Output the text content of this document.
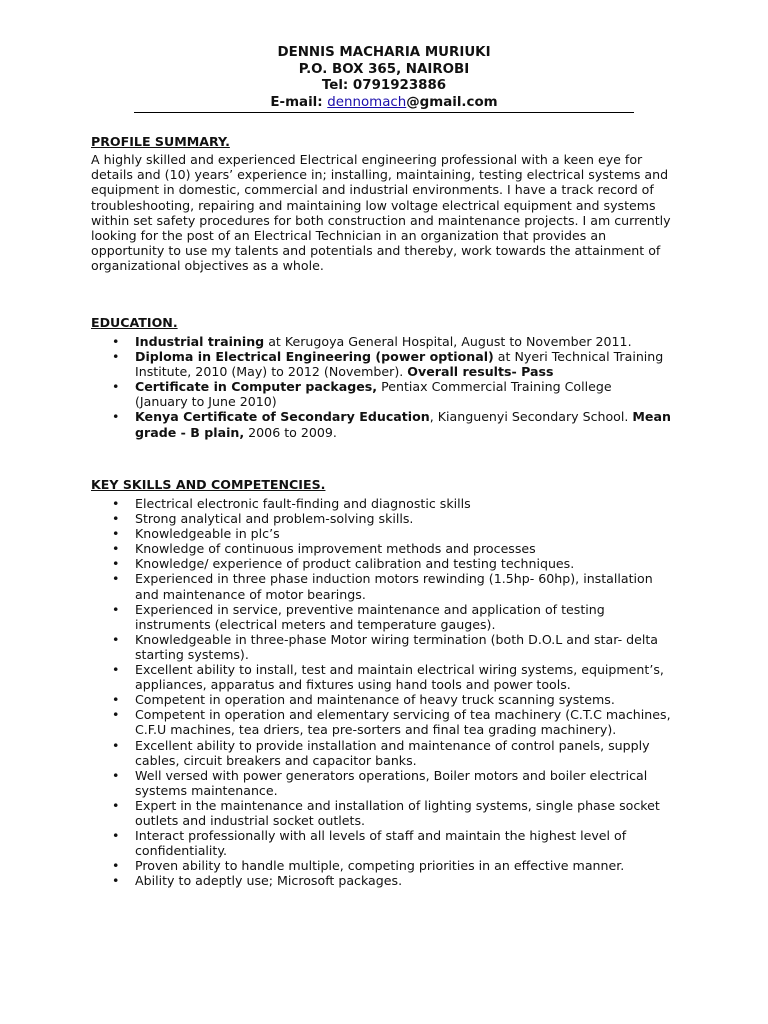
DENNIS MACHARIA MURIUKI
P.O. BOX 365, NAIROBI
Tel: 0791923886
E-mail: dennomach@gmail.com
PROFILE SUMMARY.
A highly skilled and experienced Electrical engineering professional with a keen eye for
details and (10) years’ experience in; installing, maintaining, testing electrical systems and
equipment in domestic, commercial and industrial environments. I have a track record of
troubleshooting, repairing and maintaining low voltage electrical equipment and systems
within set safety procedures for both construction and maintenance projects. I am currently
looking for the post of an Electrical Technician in an organization that provides an
opportunity to use my talents and potentials and thereby, work towards the attainment of
organizational objectives as a whole.
EDUCATION.
• Industrial training at Kerugoya General Hospital, August to November 2011.
• Diploma in Electrical Engineering (power optional) at Nyeri Technical Training
Institute, 2010 (May) to 2012 (November). Overall results- Pass
• Certificate in Computer packages, Pentiax Commercial Training College
(January to June 2010)
• Kenya Certificate of Secondary Education, Kianguenyi Secondary School. Mean
grade - B plain, 2006 to 2009.
KEY SKILLS AND COMPETENCIES.
• Electrical electronic fault-finding and diagnostic skills
• Strong analytical and problem-solving skills.
• Knowledgeable in plc’s
• Knowledge of continuous improvement methods and processes
• Knowledge/ experience of product calibration and testing techniques.
• Experienced in three phase induction motors rewinding (1.5hp- 60hp), installation
and maintenance of motor bearings.
• Experienced in service, preventive maintenance and application of testing
instruments (electrical meters and temperature gauges).
• Knowledgeable in three-phase Motor wiring termination (both D.O.L and star- delta
starting systems).
• Excellent ability to install, test and maintain electrical wiring systems, equipment’s,
appliances, apparatus and fixtures using hand tools and power tools.
• Competent in operation and maintenance of heavy truck scanning systems.
• Competent in operation and elementary servicing of tea machinery (C.T.C machines,
C.F.U machines, tea driers, tea pre-sorters and final tea grading machinery).
• Excellent ability to provide installation and maintenance of control panels, supply
cables, circuit breakers and capacitor banks.
• Well versed with power generators operations, Boiler motors and boiler electrical
systems maintenance.
• Expert in the maintenance and installation of lighting systems, single phase socket
outlets and industrial socket outlets.
• Interact professionally with all levels of staff and maintain the highest level of
confidentiality.
• Proven ability to handle multiple, competing priorities in an effective manner.
• Ability to adeptly use; Microsoft packages.
